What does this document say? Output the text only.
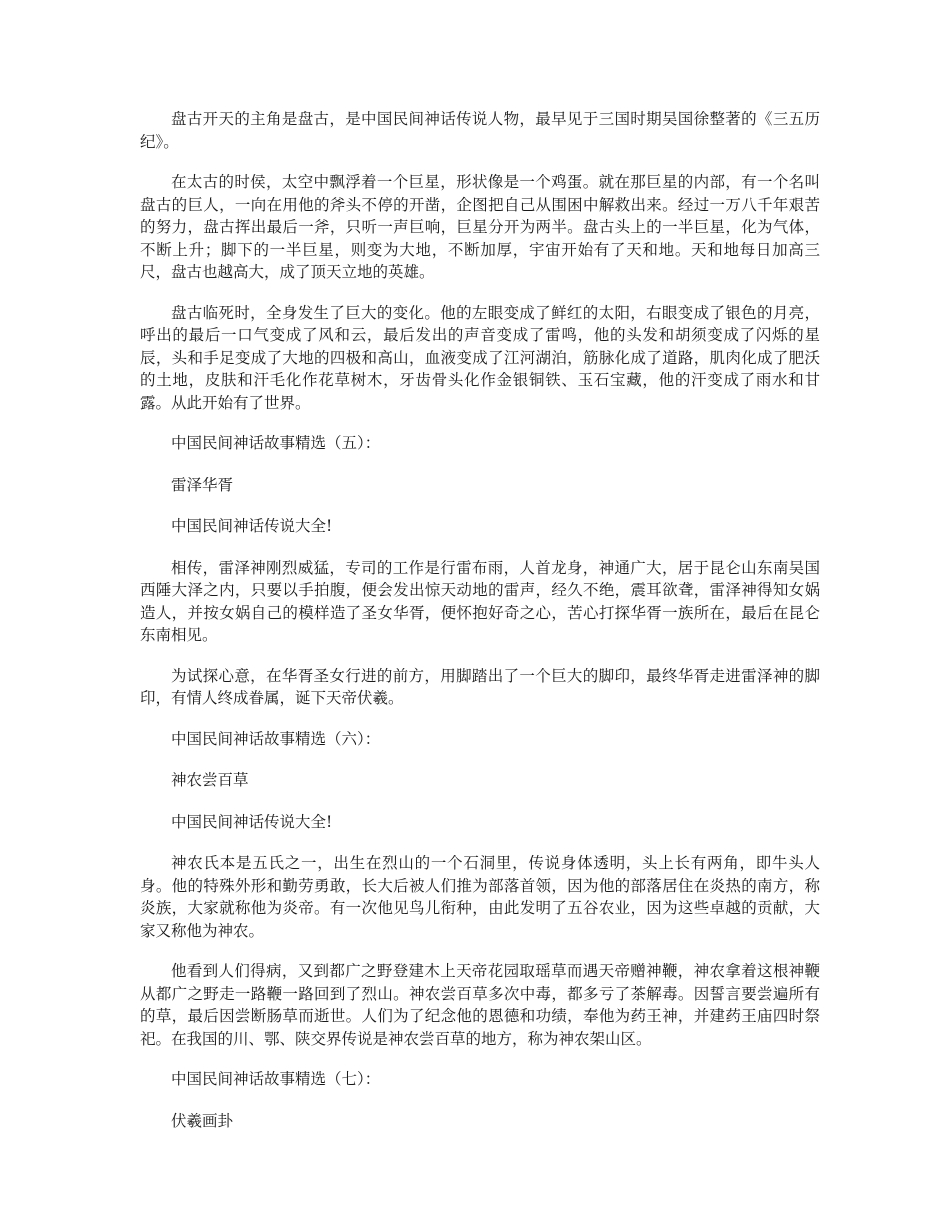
盘古开天的主角是盘古，是中国民间神话传说人物，最早见于三国时期吴国徐整著的《三五历纪》。

在太古的时侯，太空中飘浮着一个巨星，形状像是一个鸡蛋。就在那巨星的内部，有一个名叫盘古的巨人，一向在用他的斧头不停的开凿，企图把自己从围困中解救出来。经过一万八千年艰苦的努力，盘古挥出最后一斧，只听一声巨响，巨星分开为两半。盘古头上的一半巨星，化为气体，不断上升；脚下的一半巨星，则变为大地，不断加厚，宇宙开始有了天和地。天和地每日加高三尺，盘古也越高大，成了顶天立地的英雄。

盘古临死时，全身发生了巨大的变化。他的左眼变成了鲜红的太阳，右眼变成了银色的月亮，呼出的最后一口气变成了风和云，最后发出的声音变成了雷鸣，他的头发和胡须变成了闪烁的星辰，头和手足变成了大地的四极和高山，血液变成了江河湖泊，筋脉化成了道路，肌肉化成了肥沃的土地，皮肤和汗毛化作花草树木，牙齿骨头化作金银铜铁、玉石宝藏，他的汗变成了雨水和甘露。从此开始有了世界。

中国民间神话故事精选（五）：

雷泽华胥

中国民间神话传说大全!

相传，雷泽神刚烈威猛，专司的工作是行雷布雨，人首龙身，神通广大，居于昆仑山东南吴国西陲大泽之内，只要以手拍腹，便会发出惊天动地的雷声，经久不绝，震耳欲聋，雷泽神得知女娲造人，并按女娲自己的模样造了圣女华胥，便怀抱好奇之心，苦心打探华胥一族所在，最后在昆仑东南相见。

为试探心意，在华胥圣女行进的前方，用脚踏出了一个巨大的脚印，最终华胥走进雷泽神的脚印，有情人终成眷属，诞下天帝伏羲。

中国民间神话故事精选（六）：

神农尝百草

中国民间神话传说大全!

神农氏本是五氏之一，出生在烈山的一个石洞里，传说身体透明，头上长有两角，即牛头人身。他的特殊外形和勤劳勇敢，长大后被人们推为部落首领，因为他的部落居住在炎热的南方，称炎族，大家就称他为炎帝。有一次他见鸟儿衔种，由此发明了五谷农业，因为这些卓越的贡献，大家又称他为神农。

他看到人们得病，又到都广之野登建木上天帝花园取瑶草而遇天帝赠神鞭，神农拿着这根神鞭从都广之野走一路鞭一路回到了烈山。神农尝百草多次中毒，都多亏了茶解毒。因誓言要尝遍所有的草，最后因尝断肠草而逝世。人们为了纪念他的恩德和功绩，奉他为药王神，并建药王庙四时祭祀。在我国的川、鄂、陕交界传说是神农尝百草的地方，称为神农架山区。

中国民间神话故事精选（七）：

伏羲画卦
